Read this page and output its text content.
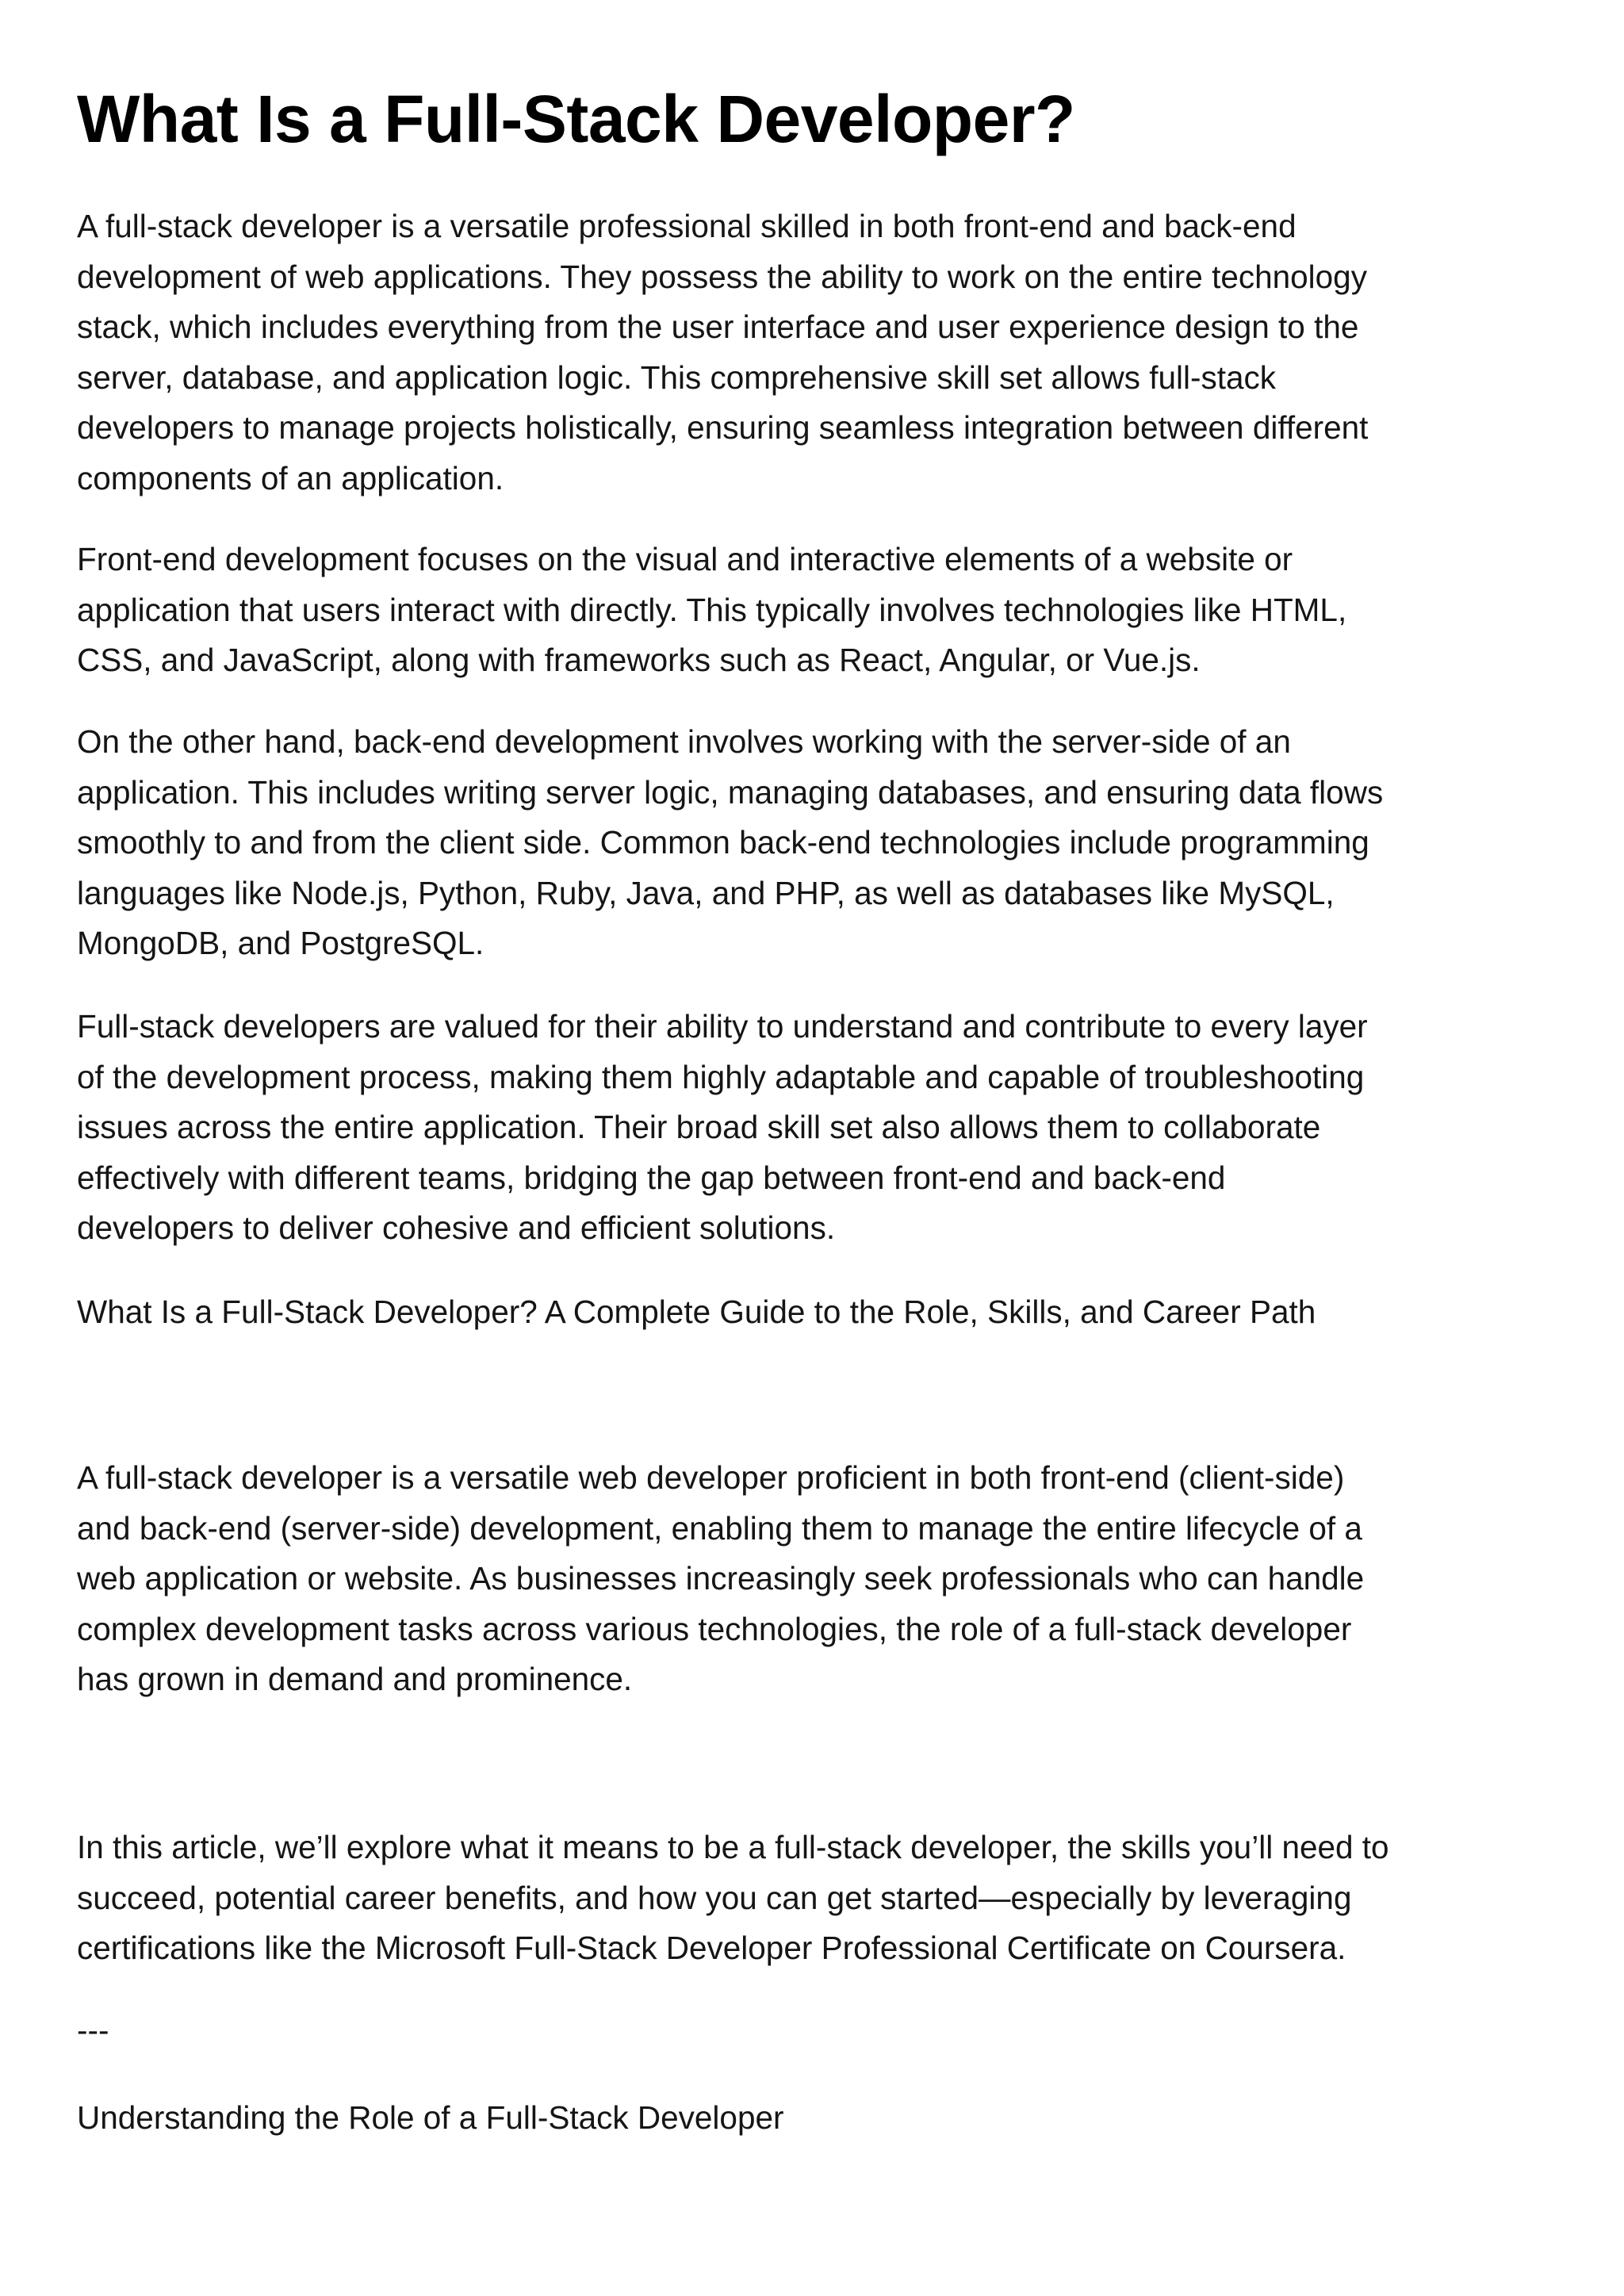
What Is a Full-Stack Developer?

A full-stack developer is a versatile professional skilled in both front-end and back-end
development of web applications. They possess the ability to work on the entire technology
stack, which includes everything from the user interface and user experience design to the
server, database, and application logic. This comprehensive skill set allows full-stack
developers to manage projects holistically, ensuring seamless integration between different
components of an application.

Front-end development focuses on the visual and interactive elements of a website or
application that users interact with directly. This typically involves technologies like HTML,
CSS, and JavaScript, along with frameworks such as React, Angular, or Vue.js.

On the other hand, back-end development involves working with the server-side of an
application. This includes writing server logic, managing databases, and ensuring data flows
smoothly to and from the client side. Common back-end technologies include programming
languages like Node.js, Python, Ruby, Java, and PHP, as well as databases like MySQL,
MongoDB, and PostgreSQL.

Full-stack developers are valued for their ability to understand and contribute to every layer
of the development process, making them highly adaptable and capable of troubleshooting
issues across the entire application. Their broad skill set also allows them to collaborate
effectively with different teams, bridging the gap between front-end and back-end
developers to deliver cohesive and efficient solutions.

What Is a Full-Stack Developer? A Complete Guide to the Role, Skills, and Career Path

A full-stack developer is a versatile web developer proficient in both front-end (client-side)
and back-end (server-side) development, enabling them to manage the entire lifecycle of a
web application or website. As businesses increasingly seek professionals who can handle
complex development tasks across various technologies, the role of a full-stack developer
has grown in demand and prominence.

In this article, we’ll explore what it means to be a full-stack developer, the skills you’ll need to
succeed, potential career benefits, and how you can get started—especially by leveraging
certifications like the Microsoft Full-Stack Developer Professional Certificate on Coursera.

---

Understanding the Role of a Full-Stack Developer
